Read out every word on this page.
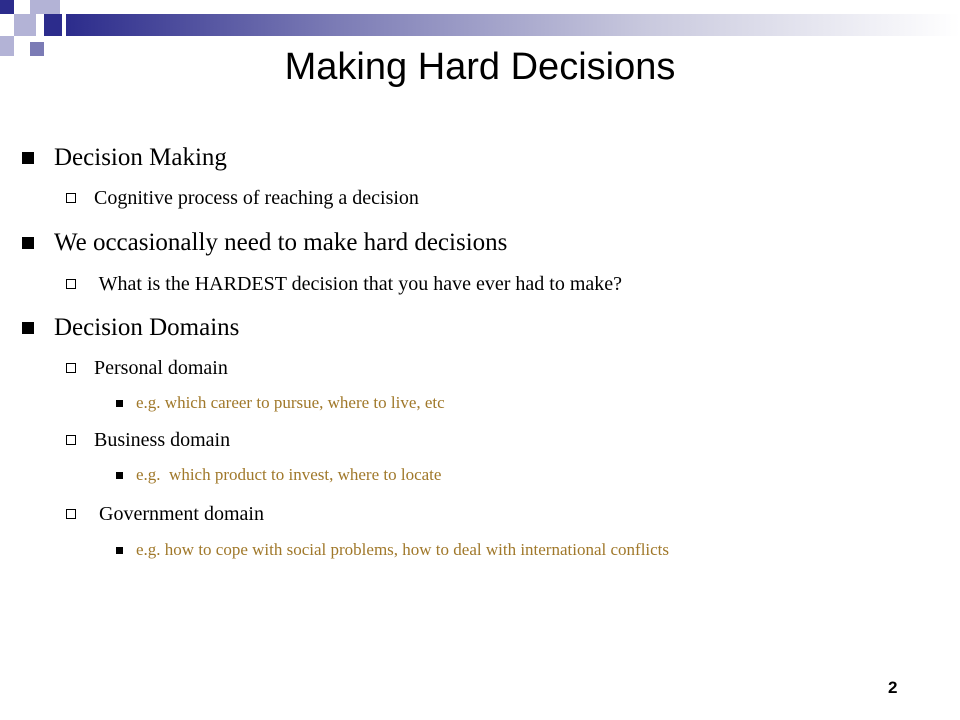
Making Hard Decisions
Decision Making
Cognitive process of reaching a decision
We occasionally need to make hard decisions
What is the HARDEST decision that you have ever had to make?
Decision Domains
Personal domain
e.g. which career to pursue, where to live, etc
Business domain
e.g.  which product to invest, where to locate
Government domain
e.g. how to cope with social problems, how to deal with international conflicts
2
